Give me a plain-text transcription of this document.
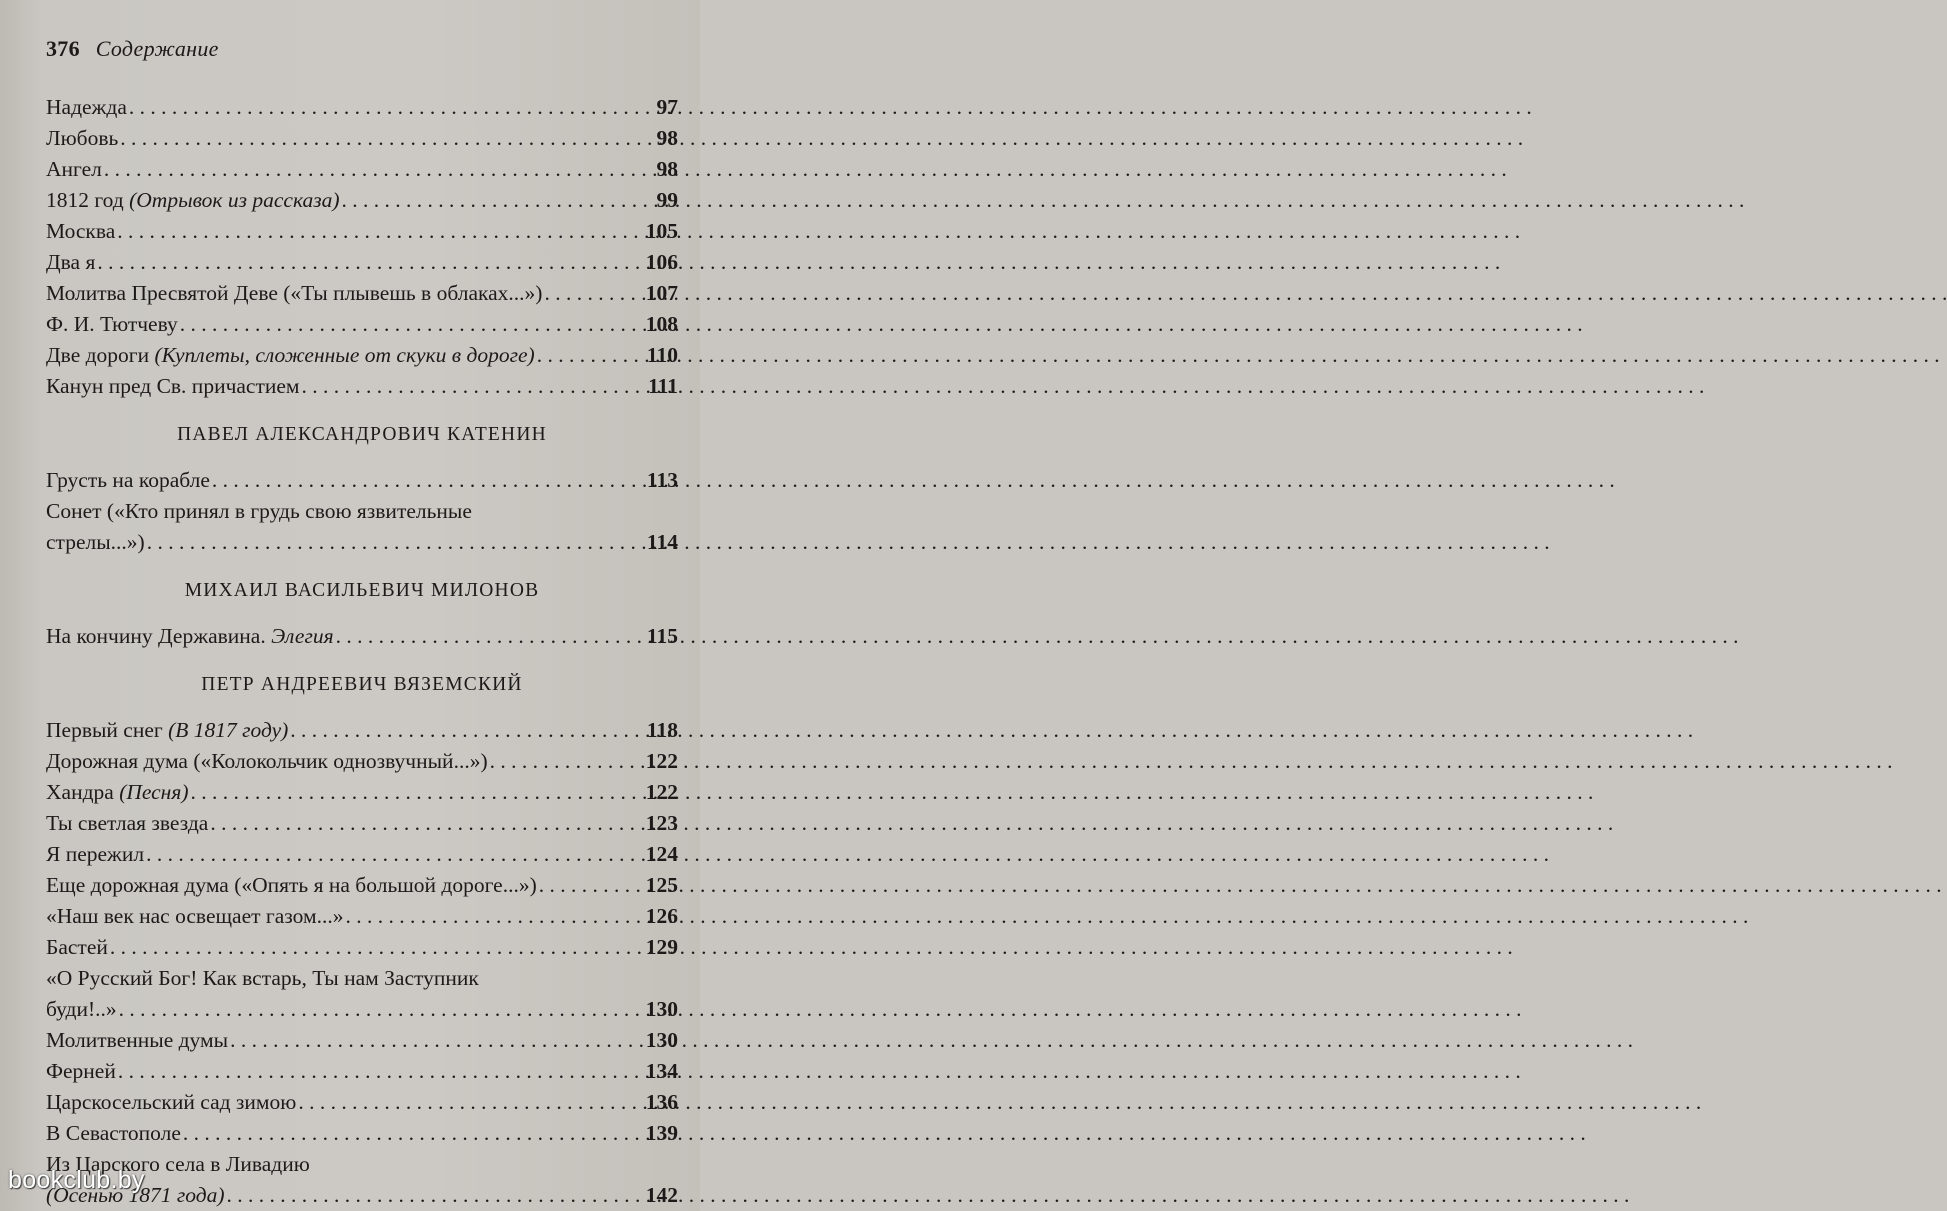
376 Содержание
Надежда . . .	97
Любовь . . .	98
Ангел . . .	98
1812 год (Отрывок из рассказа) . . .	99
Москва . . .	105
Два я . . .	106
Молитва Пресвятой Деве («Ты плывешь в облаках...») . . .	107
Ф. И. Тютчеву . . .	108
Две дороги (Куплеты, сложенные от скуки в дороге) . . .	110
Канун пред Св. причастием . . .	111
ПАВЕЛ АЛЕКСАНДРОВИЧ КАТЕНИН
Грусть на корабле . . .	113
Сонет («Кто принял в грудь свою язвительные
стрелы...») . . .	114
МИХАИЛ ВАСИЛЬЕВИЧ МИЛОНОВ
На кончину Державина. Элегия . . .	115
ПЕТР АНДРЕЕВИЧ ВЯЗЕМСКИЙ
Первый снег (В 1817 году) . . .	118
Дорожная дума («Колокольчик однозвучный...») . . .	122
Хандра (Песня) . . .	122
Ты светлая звезда . . .	123
Я пережил . . .	124
Еще дорожная дума («Опять я на большой дороге...») . . .	125
«Наш век нас освещает газом...» . . .	126
Бастей . . .	129
«О Русский Бог! Как встарь, Ты нам Заступник
буди!..» . . .	130
Молитвенные думы . . .	130
Ферней . . .	134
Царскосельский сад зимою . . .	136
В Севастополе . . .	139
Из Царского села в Ливадию
(Осенью 1871 года) . . .	142
bookclub.by
